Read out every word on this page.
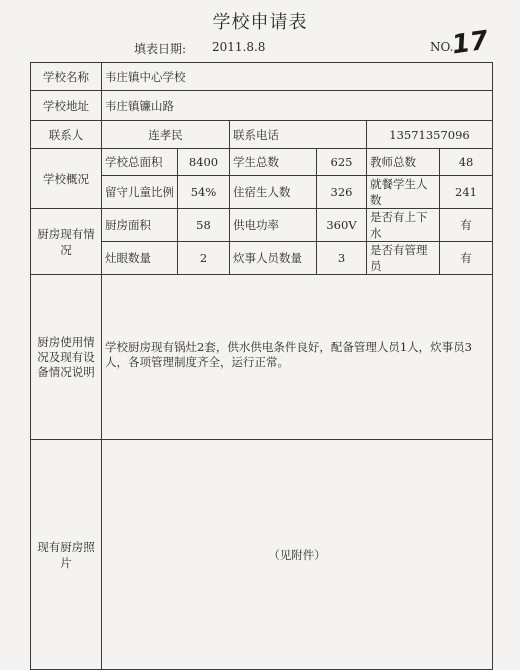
学校申请表
填表日期: 2011.8.8	NO.
17
学校名称	韦庄镇中心学校					
学校地址	韦庄镇镰山路					
联系人	连孝民		联系电话		13571357096	
学校概况	学校总面积	8400	学生总数	625	教师总数	48
	留守儿童比例	54%	住宿生人数	326	就餐学生人数	241
厨房现有情况	厨房面积	58	供电功率	360V	是否有上下水	有
	灶眼数量	2	炊事人员数量	3	是否有管理员	有
厨房使用情况及现有设备情况说明	学校厨房现有锅灶2套，供水供电条件良好，配备管理人员1人，炊事员3人，各项管理制度齐全，运行正常。					

现有厨房照片	（见附件）					
